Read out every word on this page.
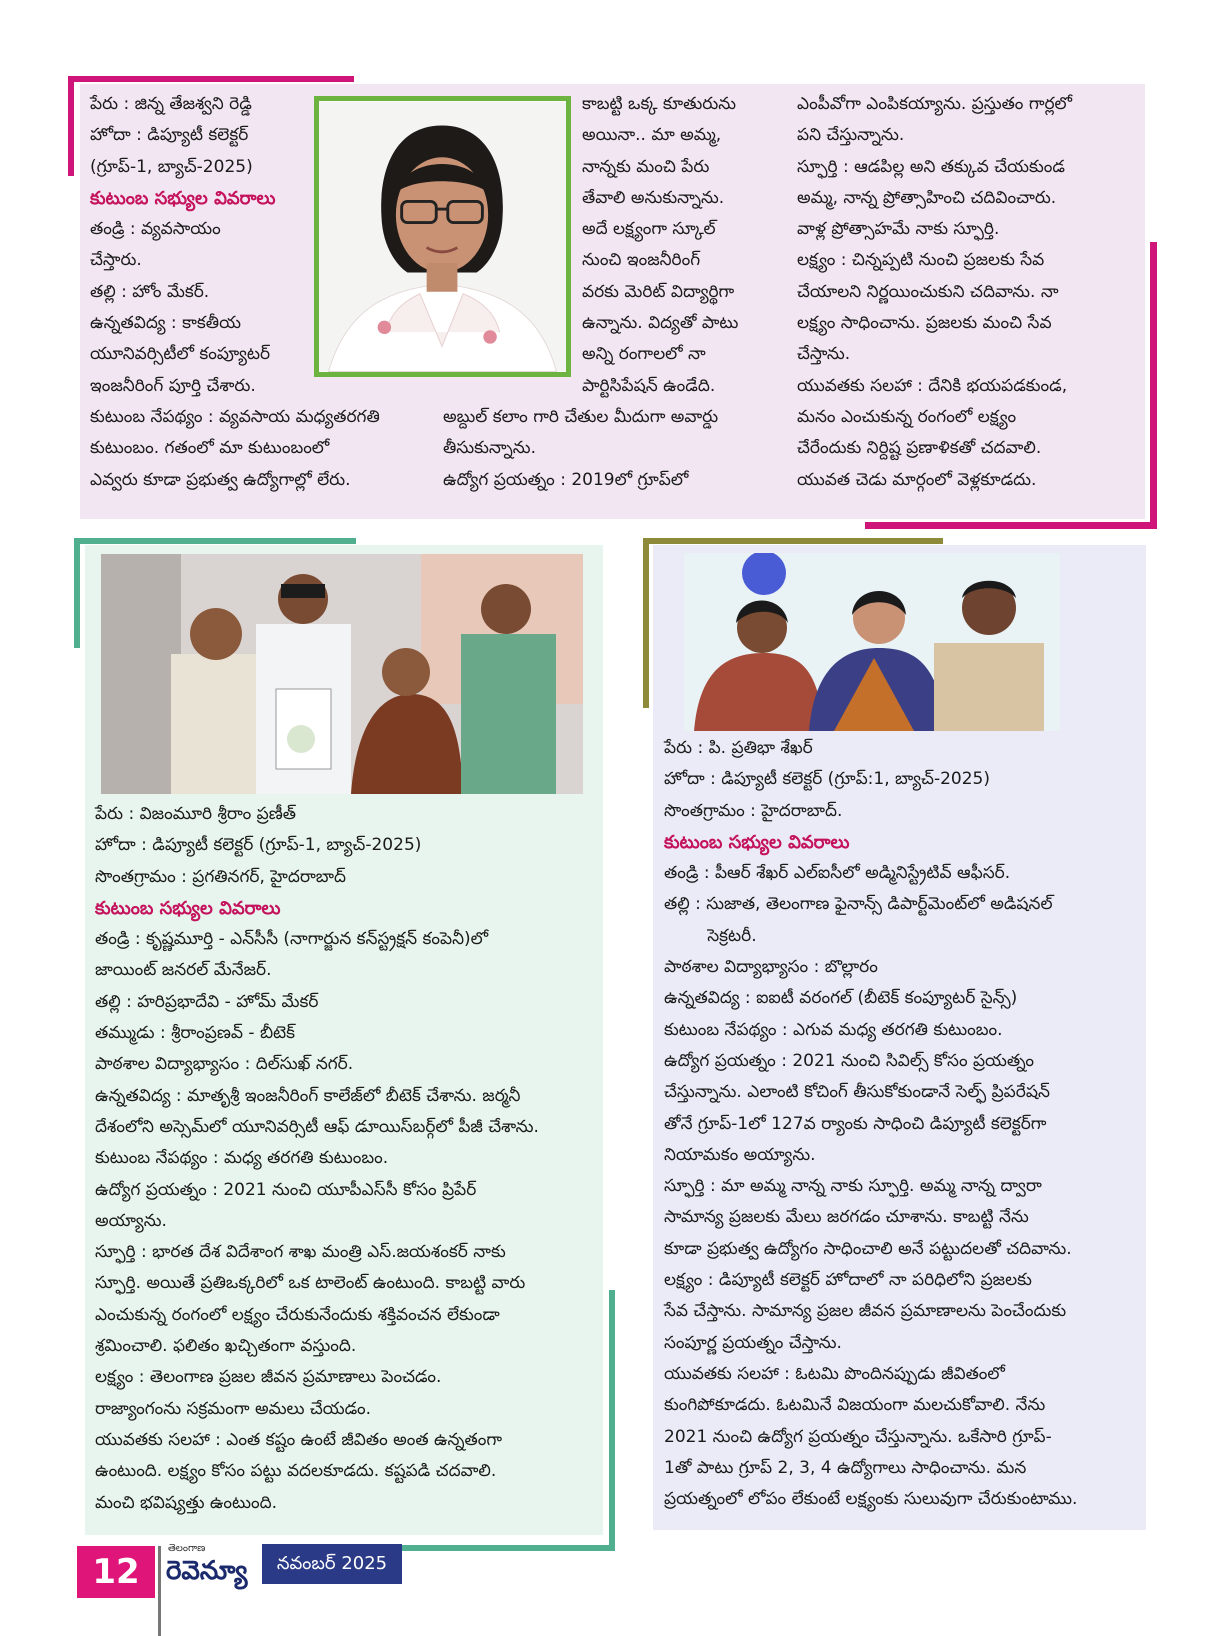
పేరు : జిన్న తేజశ్వని రెడ్డి
హోదా : డిప్యూటీ కలెక్టర్
(గ్రూప్-1, బ్యాచ్-2025)
కుటుంబ సభ్యుల వివరాలు
తండ్రి : వ్యవసాయం
చేస్తారు.
తల్లి : హోం మేకర్.
ఉన్నతవిద్య : కాకతీయ
యూనివర్సిటీలో కంప్యూటర్
ఇంజనీరింగ్ పూర్తి చేశారు.
కుటుంబ నేపథ్యం : వ్యవసాయ మధ్యతరగతి
కుటుంబం. గతంలో మా కుటుంబంలో
ఎవ్వరు కూడా ప్రభుత్వ ఉద్యోగాల్లో లేరు.
కాబట్టి ఒక్క కూతురును
అయినా.. మా అమ్మ,
నాన్నకు మంచి పేరు
తేవాలి అనుకున్నాను.
అదే లక్ష్యంగా స్కూల్
నుంచి ఇంజనీరింగ్
వరకు మెరిట్ విద్యార్థిగా
ఉన్నాను. విద్యతో పాటు
అన్ని రంగాలలో నా
పార్టిసిపేషన్ ఉండేది.
అబ్దుల్ కలాం గారి చేతుల మీదుగా అవార్డు
తీసుకున్నాను.
ఉద్యోగ ప్రయత్నం : 2019లో గ్రూప్‌లో
ఎంపీవోగా ఎంపికయ్యాను. ప్రస్తుతం గార్లలో
పని చేస్తున్నాను.
స్ఫూర్తి : ఆడపిల్ల అని తక్కువ చేయకుండ
అమ్మ, నాన్న ప్రోత్సాహించి చదివించారు.
వాళ్ల ప్రోత్సాహమే నాకు స్ఫూర్తి.
లక్ష్యం : చిన్నప్పటి నుంచి ప్రజలకు సేవ
చేయాలని నిర్ణయించుకుని చదివాను. నా
లక్ష్యం సాధించాను. ప్రజలకు మంచి సేవ
చేస్తాను.
యువతకు సలహా : దేనికి భయపడకుండ,
మనం ఎంచుకున్న రంగంలో లక్ష్యం
చేరేందుకు నిర్దిష్ట ప్రణాళికతో చదవాలి.
యువత చెడు మార్గంలో వెళ్లకూడదు.
పేరు : విజంమూరి శ్రీరాం ప్రణీత్
హోదా : డిప్యూటీ కలెక్టర్ (గ్రూప్-1, బ్యాచ్-2025)
సొంతగ్రామం : ప్రగతినగర్, హైదరాబాద్
కుటుంబ సభ్యుల వివరాలు
తండ్రి : కృష్ణమూర్తి - ఎన్‌సీసీ (నాగార్జున కన్‌స్ట్రక్షన్ కంపెనీ)లో
జాయింట్ జనరల్ మేనేజర్.
తల్లి : హరిప్రభాదేవి - హోమ్ మేకర్
తమ్ముడు : శ్రీరాంప్రణవ్ - బీటెక్
పాఠశాల విద్యాభ్యాసం : దిల్‌సుఖ్ నగర్.
ఉన్నతవిద్య : మాతృశ్రీ ఇంజనీరింగ్ కాలేజ్‌లో బీటెక్ చేశాను. జర్మనీ
దేశంలోని అస్సెమ్‌లో యూనివర్సిటీ ఆఫ్ డూయిస్‌బర్గ్‌లో పీజీ చేశాను.
కుటుంబ నేపథ్యం : మధ్య తరగతి కుటుంబం.
ఉద్యోగ ప్రయత్నం : 2021 నుంచి యూపీఎస్‌సీ కోసం ప్రిపేర్
అయ్యాను.
స్ఫూర్తి : భారత దేశ విదేశాంగ శాఖ మంత్రి ఎస్.జయశంకర్ నాకు
స్ఫూర్తి. అయితే ప్రతిఒక్కరిలో ఒక టాలెంట్ ఉంటుంది. కాబట్టి వారు
ఎంచుకున్న రంగంలో లక్ష్యం చేరుకునేందుకు శక్తివంచన లేకుండా
శ్రమించాలి. ఫలితం ఖచ్చితంగా వస్తుంది.
లక్ష్యం : తెలంగాణ ప్రజల జీవన ప్రమాణాలు పెంచడం.
రాజ్యాంగంను సక్రమంగా అమలు చేయడం.
యువతకు సలహా : ఎంత కష్టం ఉంటే జీవితం అంత ఉన్నతంగా
ఉంటుంది. లక్ష్యం కోసం పట్టు వదలకూడదు. కష్టపడి చదవాలి.
మంచి భవిష్యత్తు ఉంటుంది.
పేరు : పి. ప్రతిభా శేఖర్
హోదా : డిప్యూటీ కలెక్టర్ (గ్రూప్:1, బ్యాచ్-2025)
సొంతగ్రామం : హైదరాబాద్.
కుటుంబ సభ్యుల వివరాలు
తండ్రి : పీఆర్ శేఖర్ ఎల్‌ఐసీలో అడ్మినిస్ట్రేటివ్ ఆఫీసర్.
తల్లి : సుజాత, తెలంగాణ ఫైనాన్స్ డిపార్ట్‌మెంట్‌లో అడిషనల్
సెక్రటరీ.
పాఠశాల విద్యాభ్యాసం : బొల్లారం
ఉన్నతవిద్య : ఐఐటీ వరంగల్ (బీటెక్ కంప్యూటర్ సైన్స్)
కుటుంబ నేపథ్యం : ఎగువ మధ్య తరగతి కుటుంబం.
ఉద్యోగ ప్రయత్నం : 2021 నుంచి సివిల్స్ కోసం ప్రయత్నం
చేస్తున్నాను. ఎలాంటి కోచింగ్ తీసుకోకుండానే సెల్ఫ్ ప్రిపరేషన్
తోనే గ్రూప్-1లో 127వ ర్యాంకు సాధించి డిప్యూటీ కలెక్టర్‌గా
నియామకం అయ్యాను.
స్ఫూర్తి : మా అమ్మ నాన్న నాకు స్ఫూర్తి. అమ్మ నాన్న ద్వారా
సామాన్య ప్రజలకు మేలు జరగడం చూశాను. కాబట్టి నేను
కూడా ప్రభుత్వ ఉద్యోగం సాధించాలి అనే పట్టుదలతో చదివాను.
లక్ష్యం : డిప్యూటీ కలెక్టర్ హోదాలో నా పరిధిలోని ప్రజలకు
సేవ చేస్తాను. సామాన్య ప్రజల జీవన ప్రమాణాలను పెంచేందుకు
సంపూర్ణ ప్రయత్నం చేస్తాను.
యువతకు సలహా : ఓటమి పొందినప్పుడు జీవితంలో
కుంగిపోకూడదు. ఓటమినే విజయంగా మలచుకోవాలి. నేను
2021 నుంచి ఉద్యోగ ప్రయత్నం చేస్తున్నాను. ఒకేసారి గ్రూప్-
1తో పాటు గ్రూప్ 2, 3, 4 ఉద్యోగాలు సాధించాను. మన
ప్రయత్నంలో లోపం లేకుంటే లక్ష్యంకు సులువుగా చేరుకుంటాము.
12
తెలంగాణ
రెవెన్యూ	నవంబర్ 2025
